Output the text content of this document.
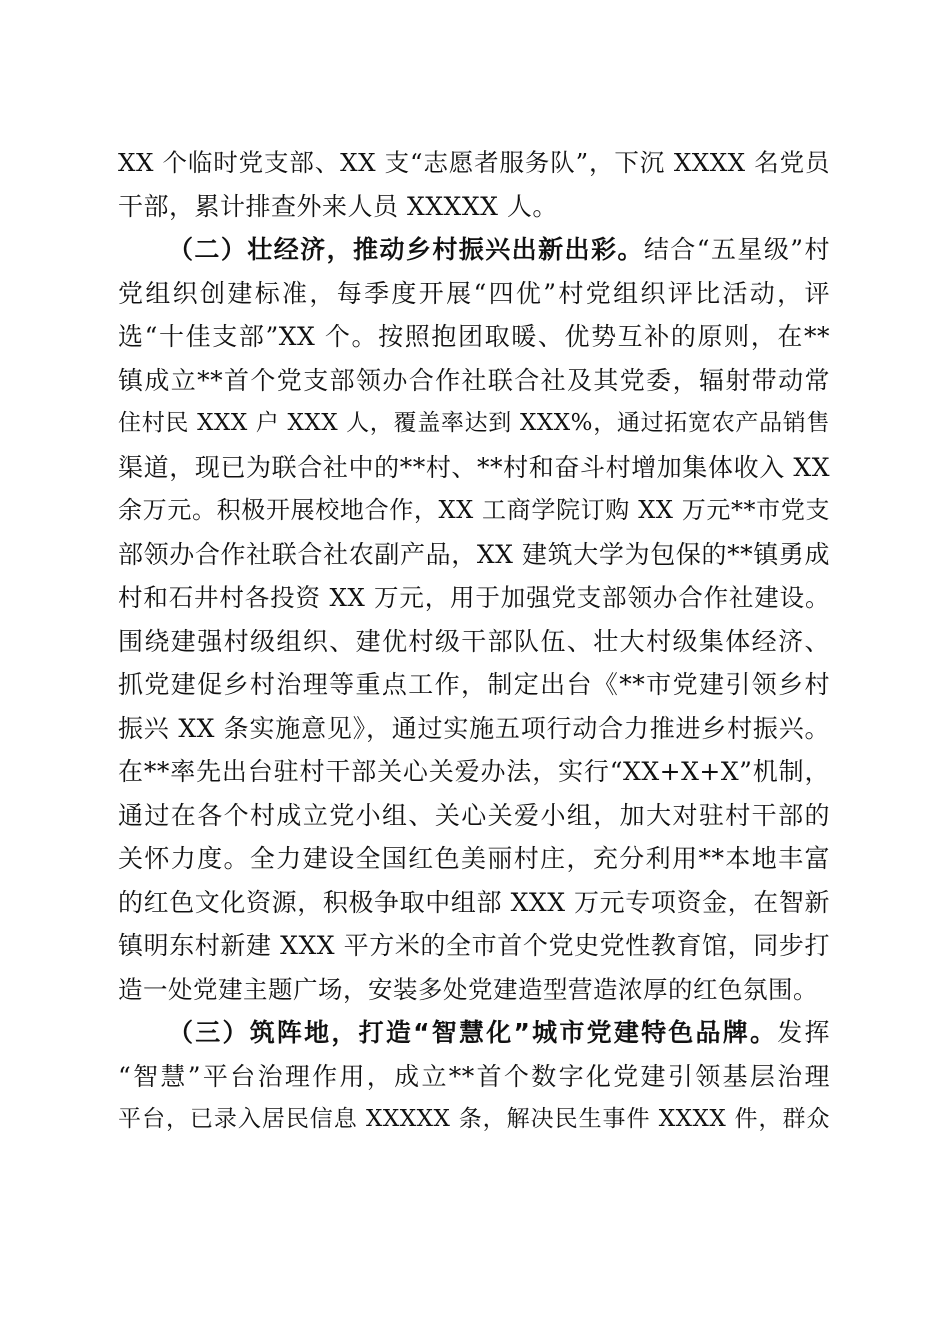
XX 个临时党支部、XX 支“志愿者服务队”，下沉 XXXX 名党员
干部，累计排查外来人员 XXXXX 人。
（二）壮经济，推动乡村振兴出新出彩。结合“五星级”村
党组织创建标准，每季度开展“四优”村党组织评比活动，评
选“十佳支部”XX 个。按照抱团取暖、优势互补的原则，在**
镇成立**首个党支部领办合作社联合社及其党委，辐射带动常
住村民 XXX 户 XXX 人，覆盖率达到 XXX%，通过拓宽农产品销售
渠道，现已为联合社中的**村、**村和奋斗村增加集体收入 XX
余万元。积极开展校地合作，XX 工商学院订购 XX 万元**市党支
部领办合作社联合社农副产品，XX 建筑大学为包保的**镇勇成
村和石井村各投资 XX 万元，用于加强党支部领办合作社建设。
围绕建强村级组织、建优村级干部队伍、壮大村级集体经济、
抓党建促乡村治理等重点工作，制定出台《**市党建引领乡村
振兴 XX 条实施意见》，通过实施五项行动合力推进乡村振兴。
在**率先出台驻村干部关心关爱办法，实行“XX+X+X”机制，
通过在各个村成立党小组、关心关爱小组，加大对驻村干部的
关怀力度。全力建设全国红色美丽村庄，充分利用**本地丰富
的红色文化资源，积极争取中组部 XXX 万元专项资金，在智新
镇明东村新建 XXX 平方米的全市首个党史党性教育馆，同步打
造一处党建主题广场，安装多处党建造型营造浓厚的红色氛围。
（三）筑阵地，打造“智慧化”城市党建特色品牌。发挥
“智慧”平台治理作用，成立**首个数字化党建引领基层治理
平台，已录入居民信息 XXXXX 条，解决民生事件 XXXX 件，群众
